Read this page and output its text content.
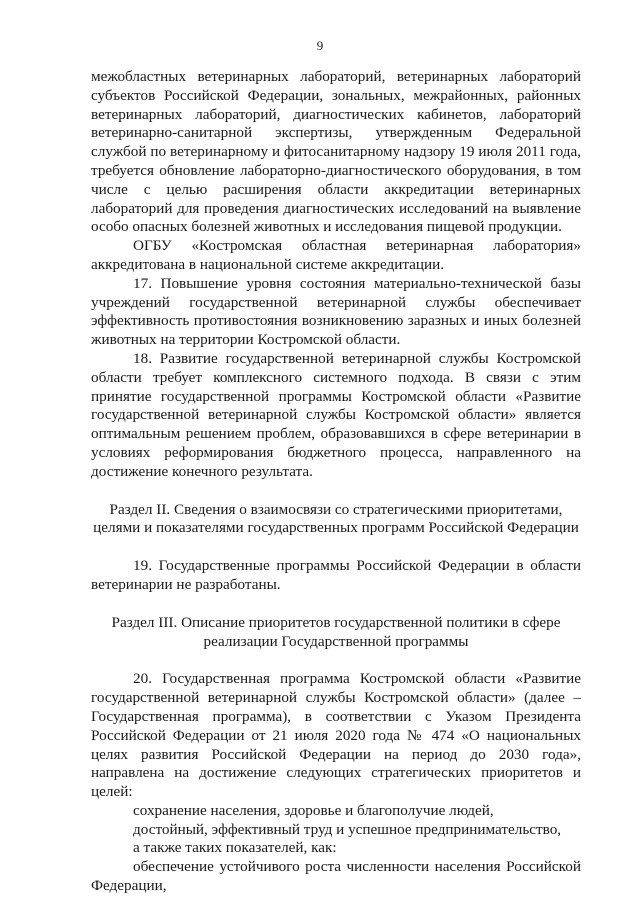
9

межобластных ветеринарных лабораторий, ветеринарных лабораторий субъектов Российской Федерации, зональных, межрайонных, районных ветеринарных лабораторий, диагностических кабинетов, лабораторий ветеринарно-санитарной экспертизы, утвержденным Федеральной службой по ветеринарному и фитосанитарному надзору 19 июля 2011 года, требуется обновление лабораторно-диагностического оборудования, в том числе с целью расширения области аккредитации ветеринарных лабораторий для проведения диагностических исследований на выявление особо опасных болезней животных и исследования пищевой продукции.

ОГБУ «Костромская областная ветеринарная лаборатория» аккредитована в национальной системе аккредитации.

17. Повышение уровня состояния материально-технической базы учреждений государственной ветеринарной службы обеспечивает эффективность противостояния возникновению заразных и иных болезней животных на территории Костромской области.

18. Развитие государственной ветеринарной службы Костромской области требует комплексного системного подхода. В связи с этим принятие государственной программы Костромской области «Развитие государственной ветеринарной службы Костромской области» является оптимальным решением проблем, образовавшихся в сфере ветеринарии в условиях реформирования бюджетного процесса, направленного на достижение конечного результата.

Раздел II. Сведения о взаимосвязи со стратегическими приоритетами,

целями и показателями государственных программ Российской Федерации

19. Государственные программы Российской Федерации в области ветеринарии не разработаны.

Раздел III. Описание приоритетов государственной политики в сфере

реализации Государственной программы

20. Государственная программа Костромской области «Развитие государственной ветеринарной службы Костромской области» (далее – Государственная программа), в соответствии с Указом Президента Российской Федерации от 21 июля 2020 года № 474 «О национальных целях развития Российской Федерации на период до 2030 года», направлена на достижение следующих стратегических приоритетов и целей:

сохранение населения, здоровье и благополучие людей,

достойный, эффективный труд и успешное предпринимательство,

а также таких показателей, как:

обеспечение устойчивого роста численности населения Российской Федерации,
